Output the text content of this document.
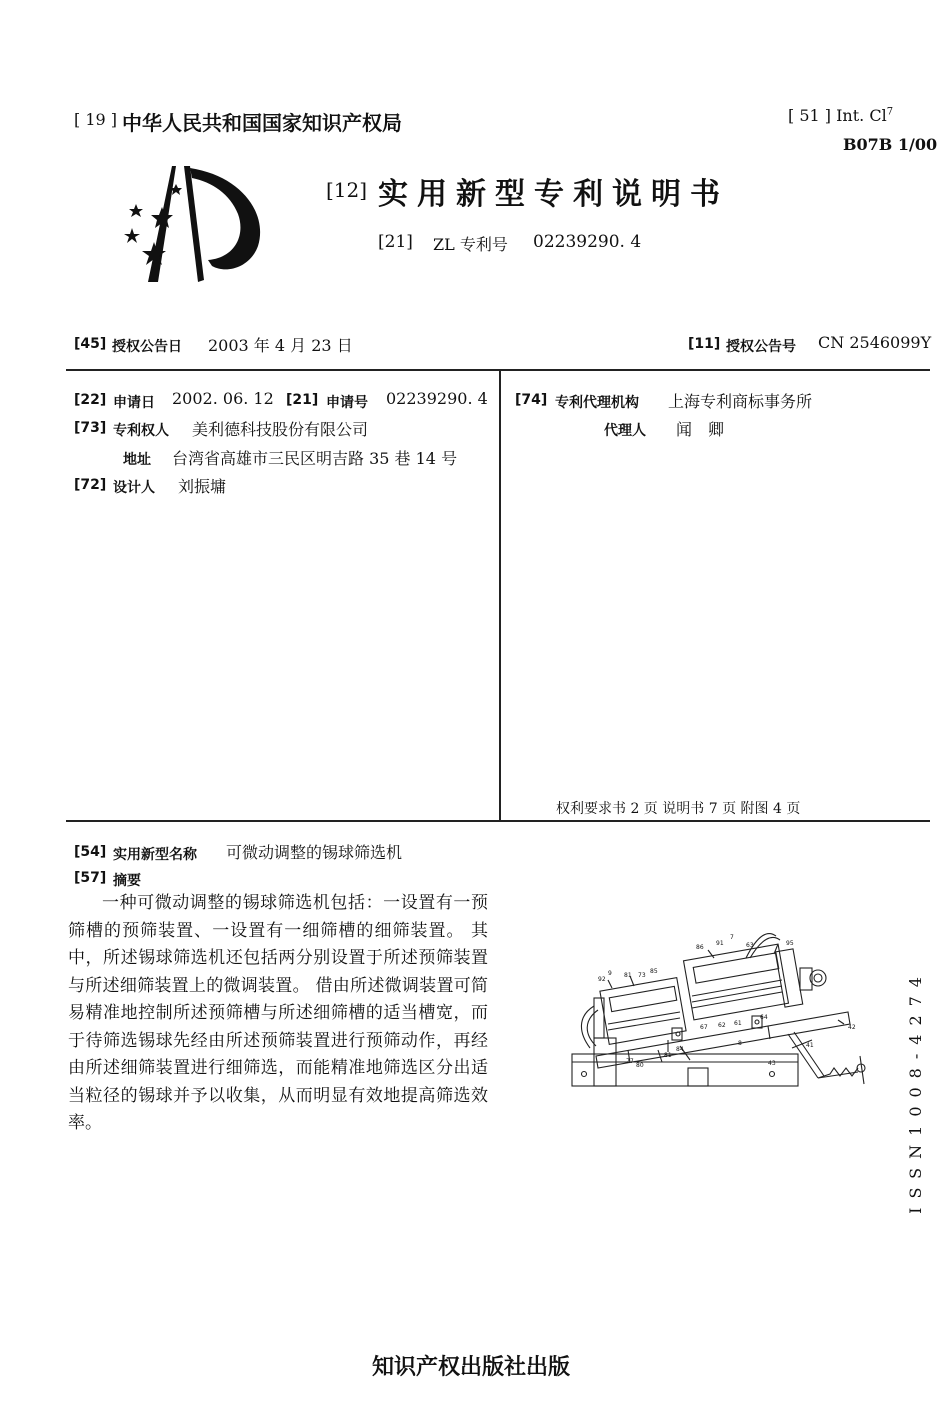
[ 19 ] 中华人民共和国国家知识产权局	[ 51 ] Int. Cl$^7$
B07B 1/00
[12] 实用新型专利说明书
[21] ZL 专利号 02239290. 4
[45] 授权公告日 2003 年 4 月 23 日	[11] 授权公告号 CN 2546099Y
[22] 申请日 2002. 06. 12 [21] 申请号 02239290. 4
[73] 专利权人 美利德科技股份有限公司
地址 台湾省高雄市三民区明吉路 35 巷 14 号
[72] 设计人 刘振墉
[74] 专利代理机构 上海专利商标事务所
代理人 闻　卿
权利要求书 2 页 说明书 7 页 附图 4 页
[54] 实用新型名称 可微动调整的锡球筛选机
[57] 摘要
一种可微动调整的锡球筛选机包括：一设置有一预筛槽的预筛装置、一设置有一细筛槽的细筛装置。 其中，所述锡球筛选机还包括两分别设置于所述预筛装置与所述细筛装置上的微调装置。 借由所述微调装置可简易精准地控制所述预筛槽与所述细筛槽的适当槽宽，而于待筛选锡球先经由所述预筛装置进行预筛动作，再经由所述细筛装置进行细筛选，而能精准地筛选区分出适当粒径的锡球并予以收集，从而明显有效地提高筛选效率。
9
86
91
7
63	95
92
81 73
85
67 62 61
64
42
77
81
84
8
80
41
43	ISSN1008-4274
知识产权出版社出版
